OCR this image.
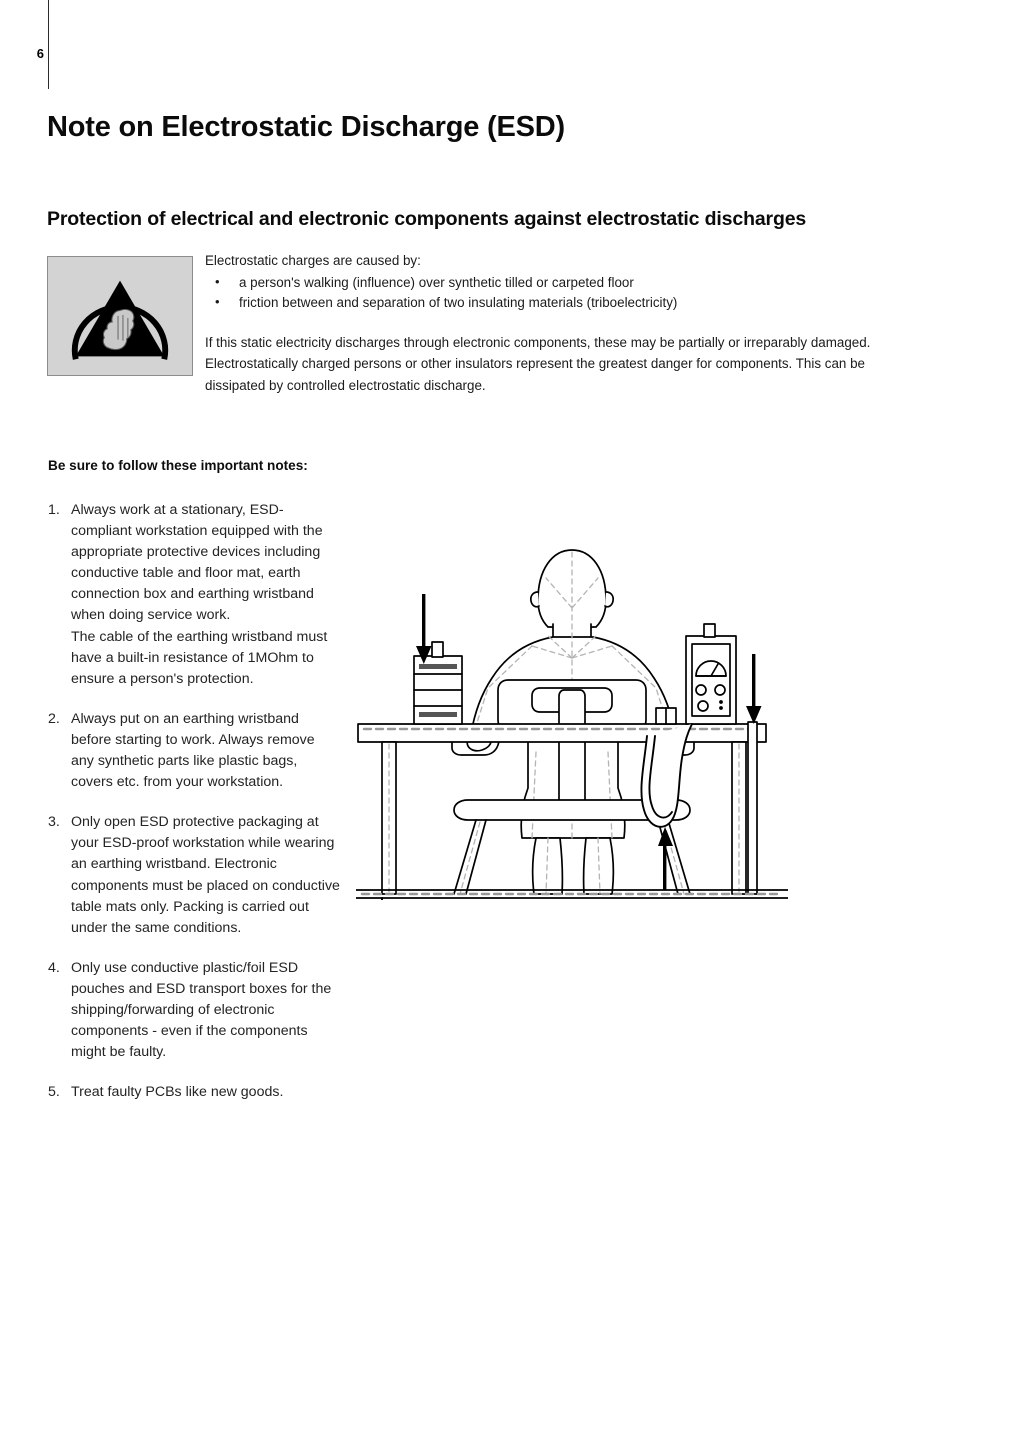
6
Note on Electrostatic Discharge (ESD)
Protection of electrical and electronic components against electrostatic discharges

Electrostatic charges are caused by:

• a person's walking (influence) over synthetic tilled or carpeted floor
• friction between and separation of two insulating materials (triboelectricity)

If this static electricity discharges through electronic components, these may be partially or irreparably damaged. Electrostatically charged persons or other insulators represent the greatest danger for components. This can be dissipated by controlled electrostatic discharge.

Be sure to follow these important notes:
1. Always work at a stationary, ESD-compliant workstation equipped with the appropriate protective devices including conductive table and floor mat, earth connection box and earthing wristband when doing service work.
The cable of the earthing wristband must have a built-in resistance of 1MOhm to ensure a person's protection.
2. Always put on an earthing wristband before starting to work. Always remove any synthetic parts like plastic bags, covers etc. from your workstation.
3. Only open ESD protective packaging at your ESD-proof workstation while wearing an earthing wristband. Electronic components must be placed on conductive table mats only. Packing is carried out under the same conditions.
4. Only use conductive plastic/foil ESD pouches and ESD transport boxes for the shipping/forwarding of electronic components - even if the components might be faulty.
5. Treat faulty PCBs like new goods.
